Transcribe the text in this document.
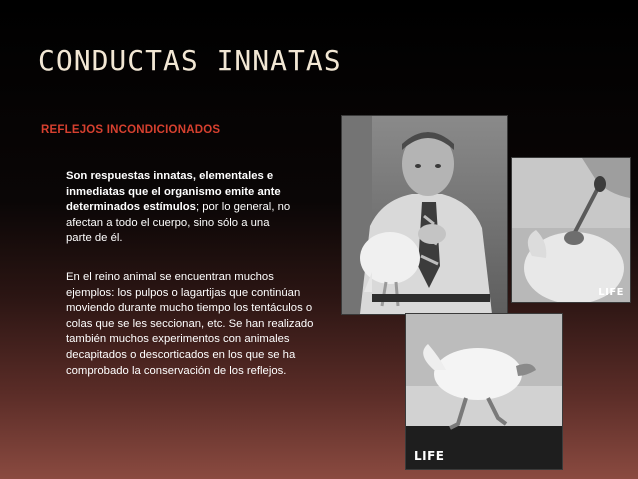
CONDUCTAS INNATAS
REFLEJOS INCONDICIONADOS
Son respuestas innatas, elementales e inmediatas que el organismo emite ante determinados estímulos; por lo general, no afectan a todo el cuerpo, sino sólo a una parte de él.
En el reino animal se encuentran muchos ejemplos: los pulpos o lagartijas que continúan moviendo durante mucho tiempo los tentáculos o colas que se les seccionan, etc. Se han realizado también muchos experimentos con animales decapitados o descorticados en los que se ha comprobado la conservación de los reflejos.
LIFE
LIFE
